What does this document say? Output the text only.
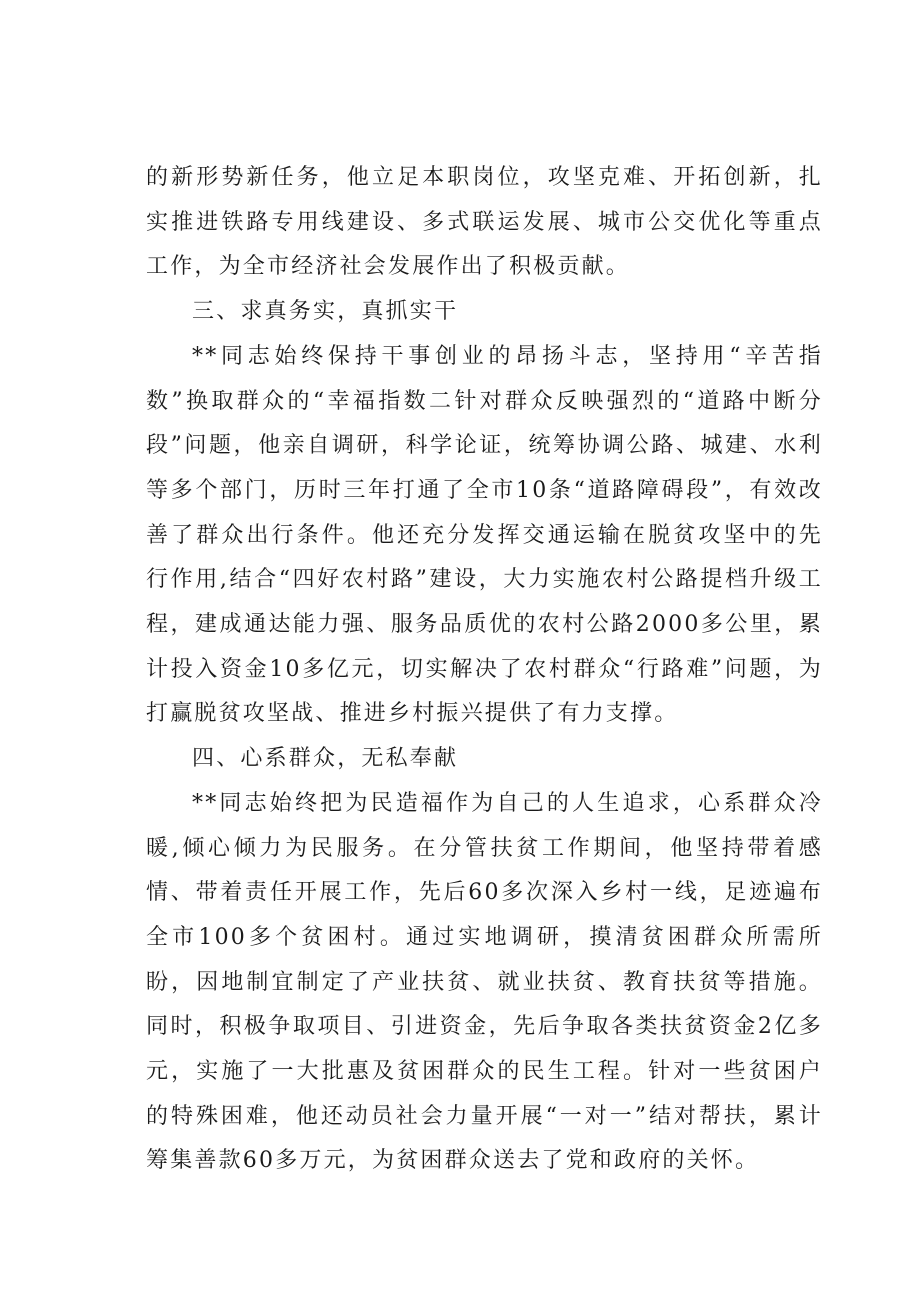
的新形势新任务，他立足本职岗位，攻坚克难、开拓创新，扎实推进铁路专用线建设、多式联运发展、城市公交优化等重点工作，为全市经济社会发展作出了积极贡献。

三、求真务实，真抓实干

**同志始终保持干事创业的昂扬斗志，坚持用“辛苦指数”换取群众的“幸福指数二针对群众反映强烈的“道路中断分段”问题，他亲自调研，科学论证，统筹协调公路、城建、水利等多个部门，历时三年打通了全市10条“道路障碍段”，有效改善了群众出行条件。他还充分发挥交通运输在脱贫攻坚中的先行作用,结合“四好农村路”建设，大力实施农村公路提档升级工程，建成通达能力强、服务品质优的农村公路2000多公里，累计投入资金10多亿元，切实解决了农村群众“行路难”问题，为打赢脱贫攻坚战、推进乡村振兴提供了有力支撑。

四、心系群众，无私奉献

**同志始终把为民造福作为自己的人生追求，心系群众冷暖,倾心倾力为民服务。在分管扶贫工作期间，他坚持带着感情、带着责任开展工作，先后60多次深入乡村一线，足迹遍布全市100多个贫困村。通过实地调研，摸清贫困群众所需所盼，因地制宜制定了产业扶贫、就业扶贫、教育扶贫等措施。同时，积极争取项目、引进资金，先后争取各类扶贫资金2亿多元，实施了一大批惠及贫困群众的民生工程。针对一些贫困户的特殊困难，他还动员社会力量开展“一对一”结对帮扶，累计筹集善款60多万元，为贫困群众送去了党和政府的关怀。
